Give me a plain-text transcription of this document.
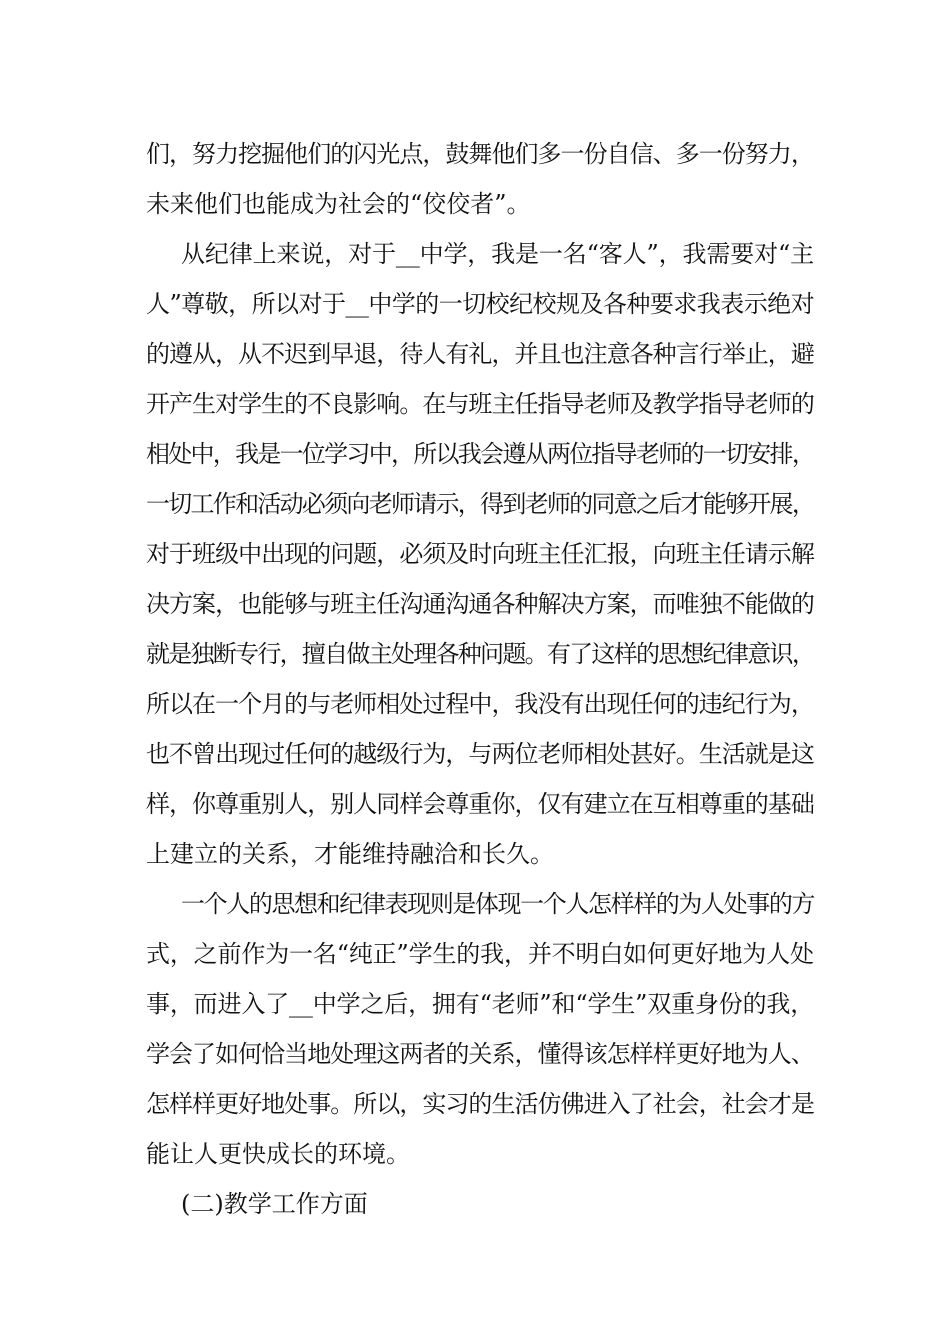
们，努力挖掘他们的闪光点，鼓舞他们多一份自信、多一份努力，
未来他们也能成为社会的“佼佼者”。
从纪律上来说，对于__中学，我是一名“客人”，我需要对“主
人”尊敬，所以对于__中学的一切校纪校规及各种要求我表示绝对
的遵从，从不迟到早退，待人有礼，并且也注意各种言行举止，避
开产生对学生的不良影响。在与班主任指导老师及教学指导老师的
相处中，我是一位学习中，所以我会遵从两位指导老师的一切安排，
一切工作和活动必须向老师请示，得到老师的同意之后才能够开展，
对于班级中出现的问题，必须及时向班主任汇报，向班主任请示解
决方案，也能够与班主任沟通沟通各种解决方案，而唯独不能做的
就是独断专行，擅自做主处理各种问题。有了这样的思想纪律意识，
所以在一个月的与老师相处过程中，我没有出现任何的违纪行为，
也不曾出现过任何的越级行为，与两位老师相处甚好。生活就是这
样，你尊重别人，别人同样会尊重你，仅有建立在互相尊重的基础
上建立的关系，才能维持融洽和长久。
一个人的思想和纪律表现则是体现一个人怎样样的为人处事的方
式，之前作为一名“纯正”学生的我，并不明白如何更好地为人处
事，而进入了__中学之后，拥有“老师”和“学生”双重身份的我，
学会了如何恰当地处理这两者的关系，懂得该怎样样更好地为人、
怎样样更好地处事。所以，实习的生活仿佛进入了社会，社会才是
能让人更快成长的环境。
(二)教学工作方面
